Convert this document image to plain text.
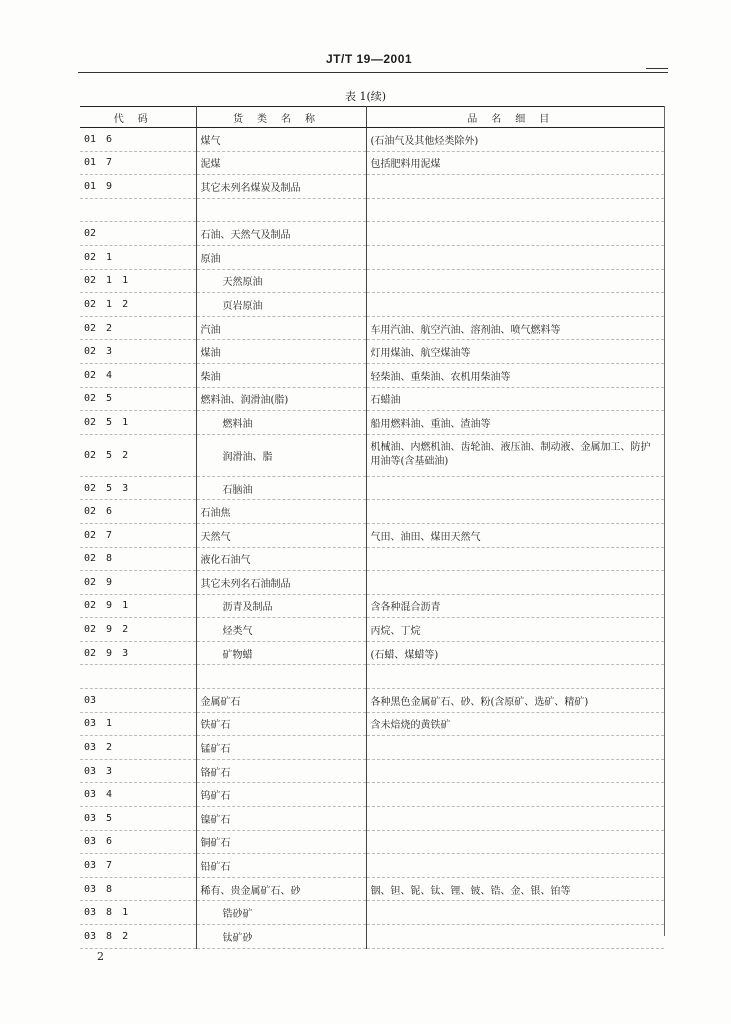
JT/T 19—2001
表 1(续)
代码	货类名称	品名细目
01 6	煤气	(石油气及其他烃类除外)
01 7	泥煤	包括肥料用泥煤
01 9	其它未列名煤炭及制品	

02	石油、天然气及制品	
02 1	原油	
02 1 1	天然原油	
02 1 2	页岩原油	
02 2	汽油	车用汽油、航空汽油、溶剂油、喷气燃料等
02 3	煤油	灯用煤油、航空煤油等
02 4	柴油	轻柴油、重柴油、农机用柴油等
02 5	燃料油、润滑油(脂)	石蜡油
02 5 1	燃料油	船用燃料油、重油、渣油等
02 5 2	润滑油、脂	机械油、内燃机油、齿轮油、液压油、制动液、金属加工、防护用油等(含基础油)
02 5 3	石脑油	
02 6	石油焦	
02 7	天然气	气田、油田、煤田天然气
02 8	液化石油气	
02 9	其它未列名石油制品	
02 9 1	沥青及制品	含各种混合沥青
02 9 2	烃类气	丙烷、丁烷
02 9 3	矿物蜡	(石蜡、煤蜡等)

03	金属矿石	各种黑色金属矿石、砂、粉(含原矿、选矿、精矿)
03 1	铁矿石	含未焙烧的黄铁矿
03 2	锰矿石	
03 3	铬矿石	
03 4	钨矿石	
03 5	镍矿石	
03 6	铜矿石	
03 7	铅矿石	
03 8	稀有、贵金属矿石、砂	铟、钽、铌、钛、锂、铍、锆、金、银、铂等
03 8 1	锆砂矿	
03 8 2	钛矿砂	
2
